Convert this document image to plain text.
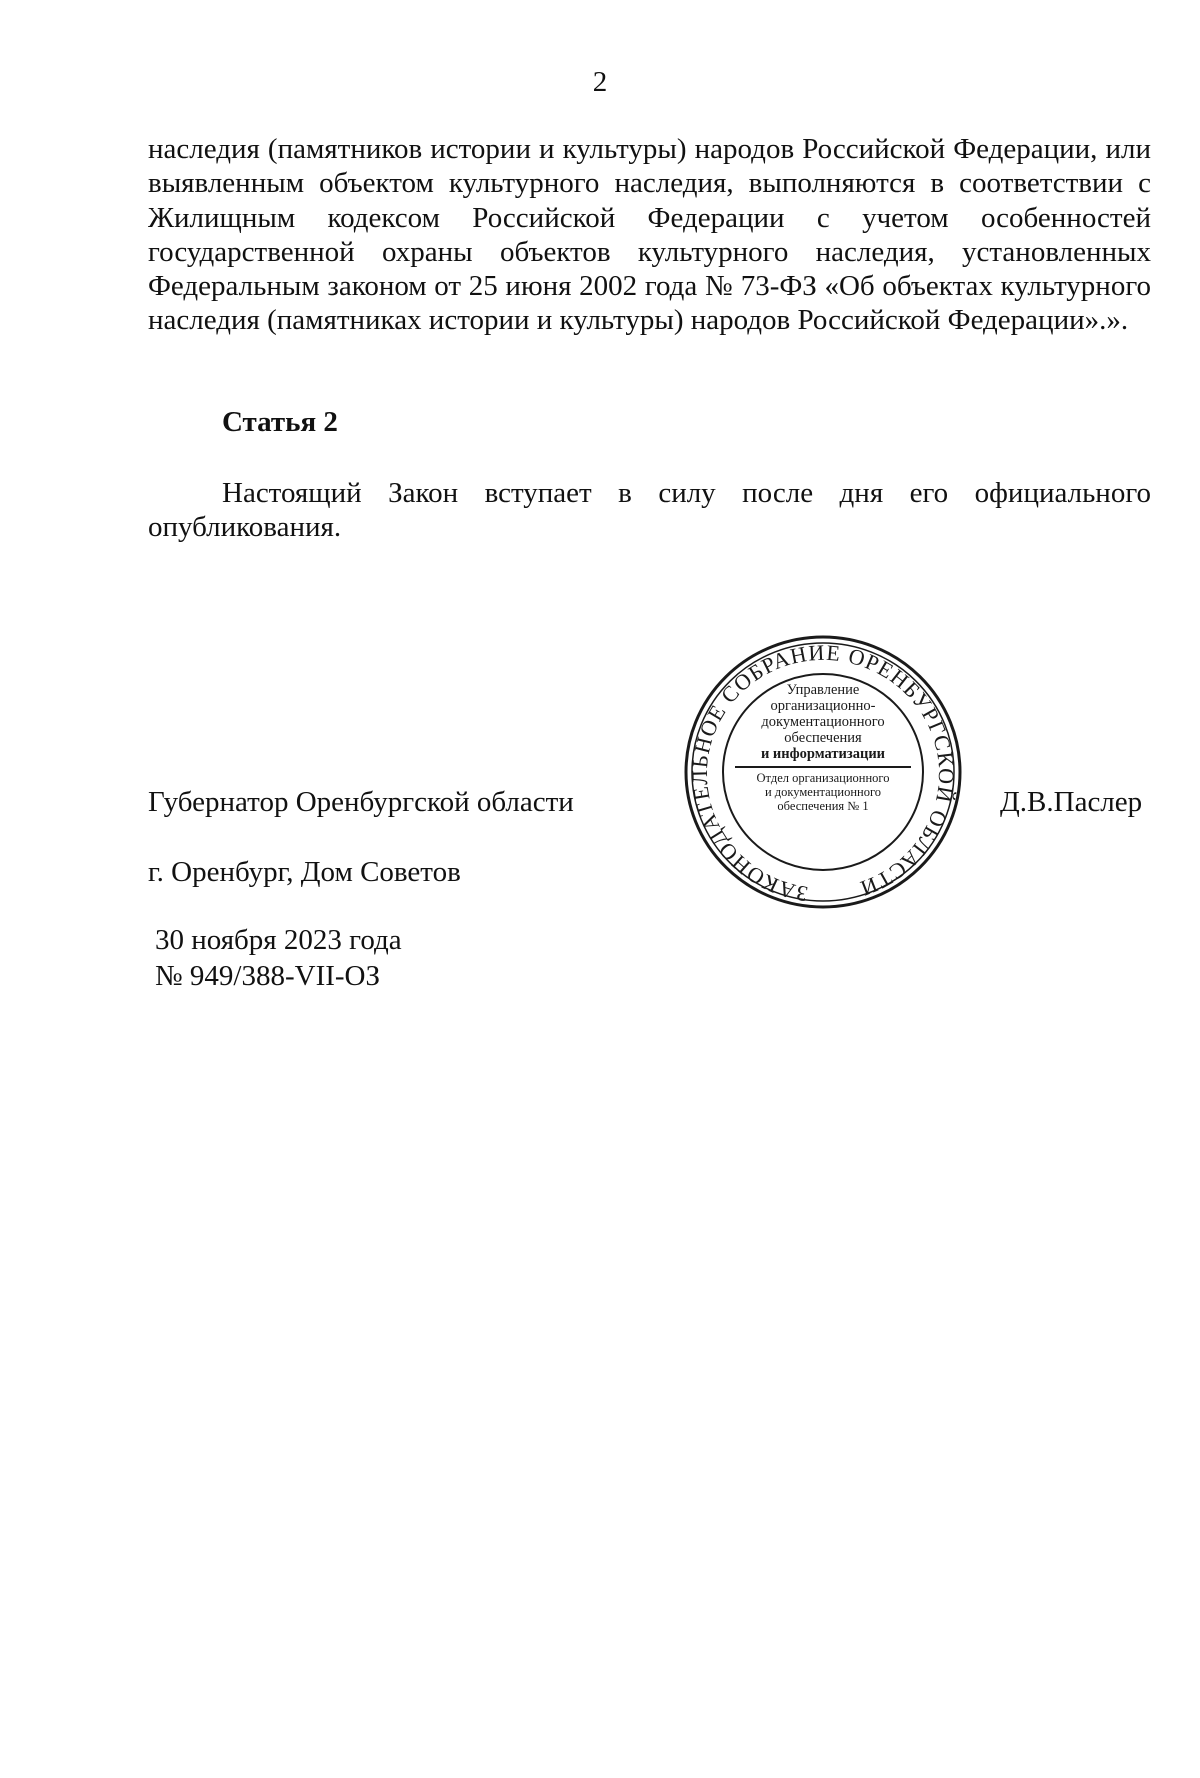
2

наследия (памятников истории и культуры) народов Российской Федерации, или выявленным объектом культурного наследия, выполняются в соответствии с Жилищным кодексом Российской Федерации с учетом особенностей государственной охраны объектов культурного наследия, установленных Федеральным законом от 25 июня 2002 года № 73-ФЗ «Об объектах культурного наследия (памятниках истории и культуры) народов Российской Федерации».».

Статья 2

Настоящий Закон вступает в силу после дня его официального опубликования.

Губернатор Оренбургской области	Д.В.Паслер
г. Оренбург, Дом Советов
30 ноября 2023 года
№ 949/388-VII-ОЗ
ЗАКОНОДАТЕЛЬНОЕ СОБРАНИЕ ОРЕНБУРГСКОЙ ОБЛАСТИ
Управление
организационно-
документационного
обеспечения
и информатизации
Отдел организационного
и документационного
обеспечения № 1
